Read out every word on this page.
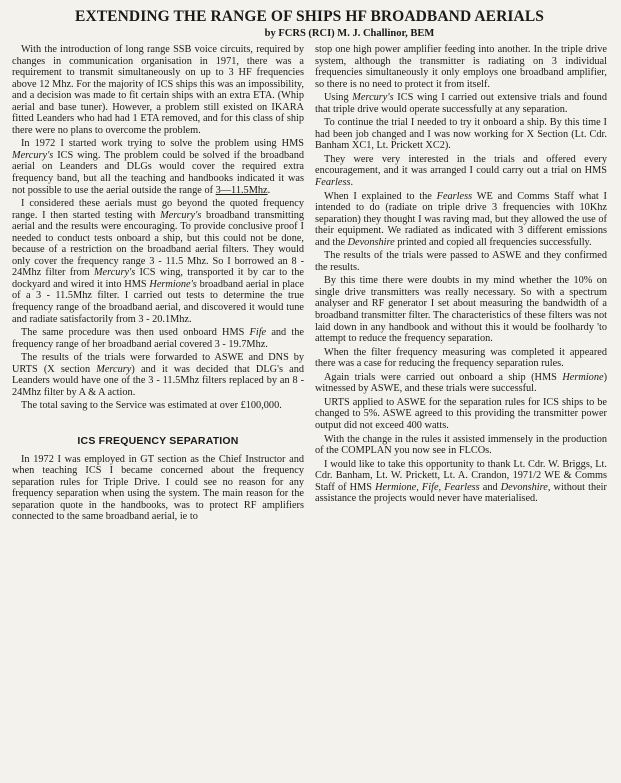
EXTENDING THE RANGE OF SHIPS HF BROADBAND AERIALS
by FCRS (RCI) M. J. Challinor, BEM

With the introduction of long range SSB voice circuits, required by changes in communication organisation in 1971, there was a requirement to transmit simultaneously on up to 3 HF frequencies above 12 Mhz. For the majority of ICS ships this was an impossibility, and a decision was made to fit certain ships with an extra ETA. (Whip aerial and base tuner). However, a problem still existed on IKARA fitted Leanders who had had 1 ETA removed, and for this class of ship there were no plans to overcome the problem.

In 1972 I started work trying to solve the problem using HMS Mercury's ICS wing. The problem could be solved if the broadband aerial on Leanders and DLGs would cover the required extra frequency band, but all the teaching and handbooks indicated it was not possible to use the aerial outside the range of 3—11.5Mhz.

I considered these aerials must go beyond the quoted frequency range. I then started testing with Mercury's broadband transmitting aerial and the results were encouraging. To provide conclusive proof I needed to conduct tests onboard a ship, but this could not be done, because of a restriction on the broadband aerial filters. They would only cover the frequency range 3 - 11.5 Mhz. So I borrowed an 8 - 24Mhz filter from Mercury's ICS wing, transported it by car to the dockyard and wired it into HMS Hermione's broadband aerial in place of a 3 - 11.5Mhz filter. I carried out tests to determine the true frequency range of the broadband aerial, and discovered it would tune and radiate satisfactorily from 3 - 20.1Mhz.

The same procedure was then used onboard HMS Fife and the frequency range of her broadband aerial covered 3 - 19.7Mhz.

The results of the trials were forwarded to ASWE and DNS by URTS (X section Mercury) and it was decided that DLG's and Leanders would have one of the 3 - 11.5Mhz filters replaced by an 8 - 24Mhz filter by A & A action.

The total saving to the Service was estimated at over £100,000.

ICS FREQUENCY SEPARATION

In 1972 I was employed in GT section as the Chief Instructor and when teaching ICS I became concerned about the frequency separation rules for Triple Drive. I could see no reason for any frequency separation when using the system. The main reason for the separation quote in the handbooks, was to protect RF amplifiers connected to the same broadband aerial, ie to

stop one high power amplifier feeding into another. In the triple drive system, although the transmitter is radiating on 3 individual frequencies simultaneously it only employs one broadband amplifier, so there is no need to protect it from itself.

Using Mercury's ICS wing I carried out extensive trials and found that triple drive would operate successfully at any separation.

To continue the trial I needed to try it onboard a ship. By this time I had been job changed and I was now working for X Section (Lt. Cdr. Banham XC1, Lt. Prickett XC2).

They were very interested in the trials and offered every encouragement, and it was arranged I could carry out a trial on HMS Fearless.

When I explained to the Fearless WE and Comms Staff what I intended to do (radiate on triple drive 3 frequencies with 10Khz separation) they thought I was raving mad, but they allowed the use of their equipment. We radiated as indicated with 3 different emissions and the Devonshire printed and copied all frequencies successfully.

The results of the trials were passed to ASWE and they confirmed the results.

By this time there were doubts in my mind whether the 10% on single drive transmitters was really necessary. So with a spectrum analyser and RF generator I set about measuring the bandwidth of a broadband transmitter filter. The characteristics of these filters was not laid down in any handbook and without this it would be foolhardy 'to attempt to reduce the frequency separation.

When the filter frequency measuring was completed it appeared there was a case for reducing the frequency separation rules.

Again trials were carried out onboard a ship (HMS Hermione) witnessed by ASWE, and these trials were successful.

URTS applied to ASWE for the separation rules for ICS ships to be changed to 5%. ASWE agreed to this providing the transmitter power output did not exceed 400 watts.

With the change in the rules it assisted immensely in the production of the COMPLAN you now see in FLCOs.

I would like to take this opportunity to thank Lt. Cdr. W. Briggs, Lt. Cdr. Banham, Lt. W. Prickett, Lt. A. Crandon, 1971/2 WE & Comms Staff of HMS Hermione, Fife, Fearless and Devonshire, without their assistance the projects would never have materialised.
